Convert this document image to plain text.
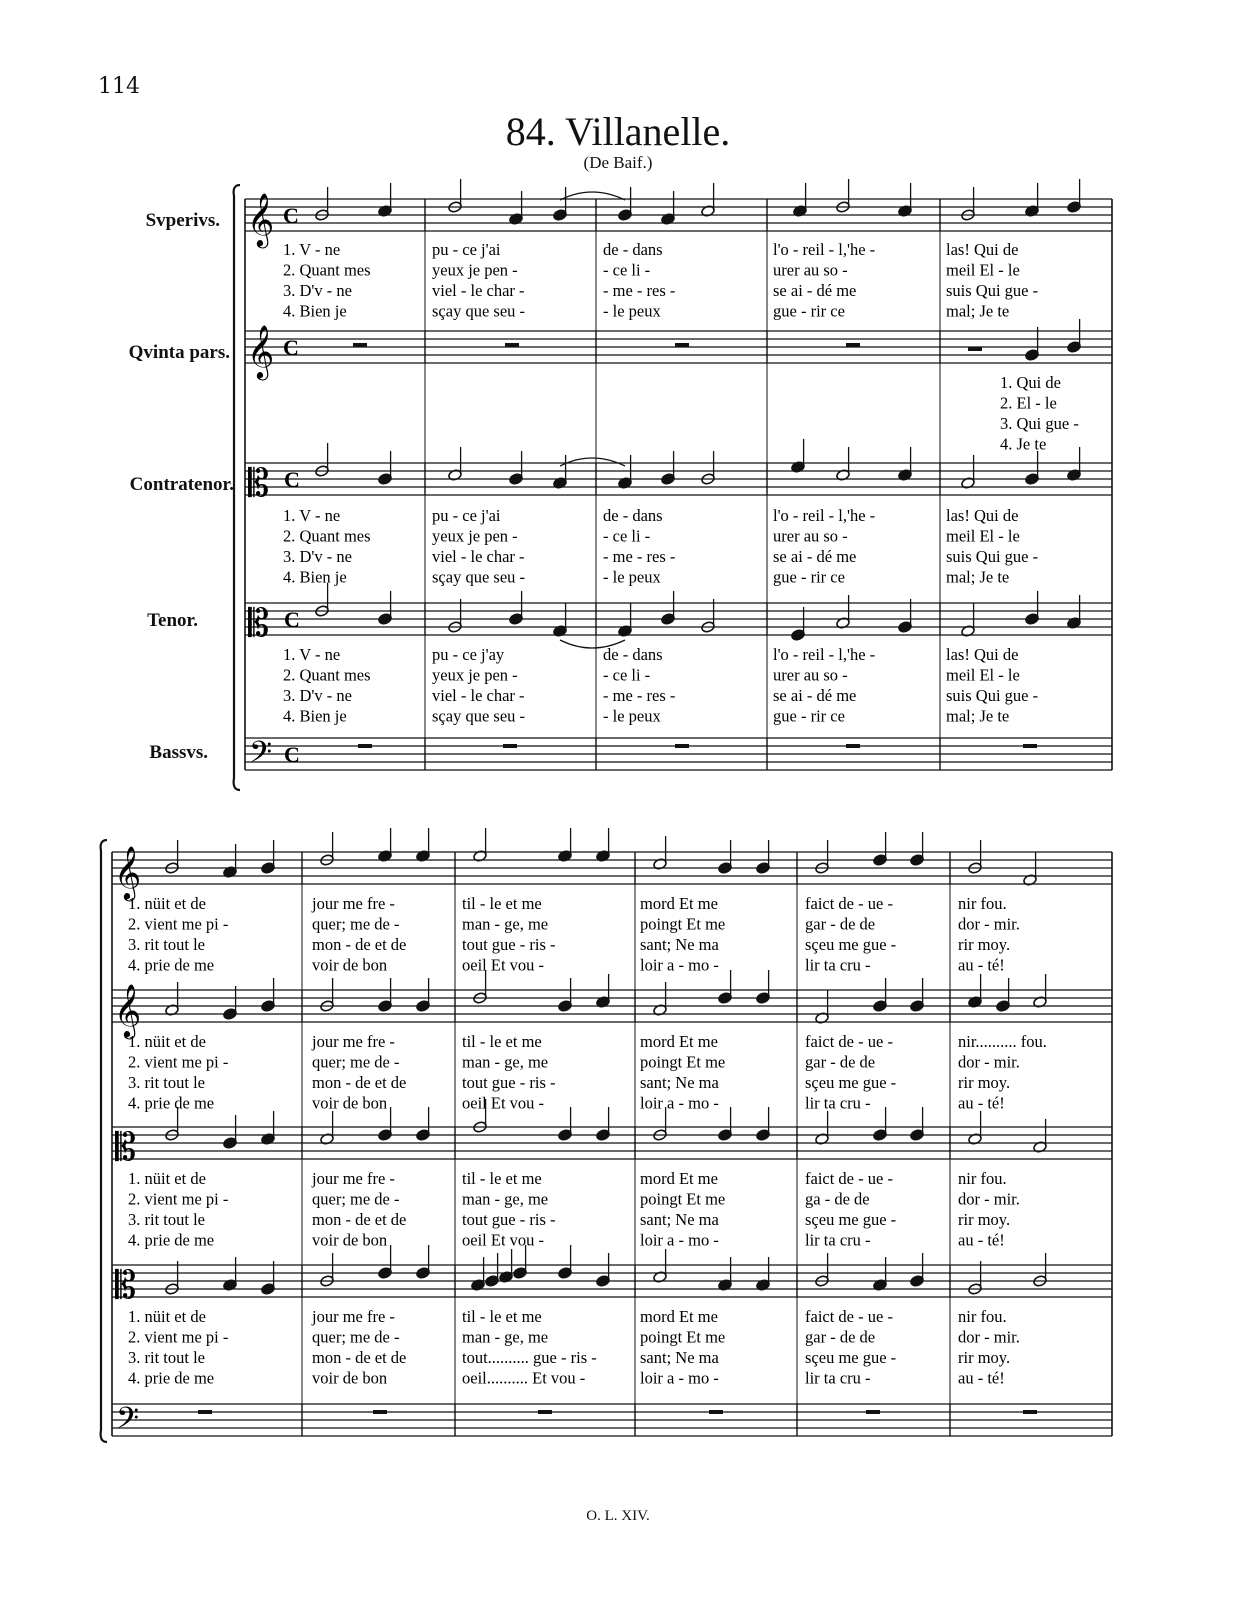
114
84. Villanelle.
(De Baif.)
Svperivs.
Qvinta pars.
Contratenor.
Tenor.
Bassvs.
𝄞 C
𝄞 C
𝄡 C
𝄡 C
𝄢 C
1. V - ne	pu - ce j'ai	de - dans	l'o - reil - l,'he -	las! Qui de
2. Quant mes	yeux je pen -	- ce li -	urer au so -	meil El - le
3. D'v - ne	viel - le char -	- me - res -	se ai - dé me	suis Qui gue -
4. Bien je	sçay que seu -	- le peux	gue - rir ce	mal; Je te
1. Qui de
2. El - le
3. Qui gue -
4. Je te
1. V - ne	pu - ce j'ai	de - dans	l'o - reil - l,'he -	las! Qui de
2. Quant mes	yeux je pen -	- ce li -	urer au so -	meil El - le
3. D'v - ne	viel - le char -	- me - res -	se ai - dé me	suis Qui gue -
4. Bien je	sçay que seu -	- le peux	gue - rir ce	mal; Je te
1. V - ne	pu - ce j'ay	de - dans	l'o - reil - l,'he -	las! Qui de
2. Quant mes	yeux je pen -	- ce li -	urer au so -	meil El - le
3. D'v - ne	viel - le char -	- me - res -	se ai - dé me	suis Qui gue -
4. Bien je	sçay que seu -	- le peux	gue - rir ce	mal; Je te
𝄞
𝄞
𝄡
𝄡
𝄢
1. nüit et de	jour me fre -	til - le et me	mord Et me	faict de - ue -	nir fou.
2. vient me pi -	quer; me de -	man - ge, me	poingt Et me	gar - de de	dor - mir.
3. rit tout le	mon - de et de	tout gue - ris -	sant; Ne ma	sçeu me gue -	rir moy.
4. prie de me	voir de bon	oeil Et vou -	loir a - mo -	lir ta cru -	au - té!
1. nüit et de	jour me fre -	til - le et me	mord Et me	faict de - ue -	nir.......... fou.
2. vient me pi -	quer; me de -	man - ge, me	poingt Et me	gar - de de	dor - mir.
3. rit tout le	mon - de et de	tout gue - ris -	sant; Ne ma	sçeu me gue -	rir moy.
4. prie de me	voir de bon	oeil Et vou -	loir a - mo -	lir ta cru -	au - té!
1. nüit et de	jour me fre -	til - le et me	mord Et me	faict de - ue -	nir fou.
2. vient me pi -	quer; me de -	man - ge, me	poingt Et me	ga - de de	dor - mir.
3. rit tout le	mon - de et de	tout gue - ris -	sant; Ne ma	sçeu me gue -	rir moy.
4. prie de me	voir de bon	oeil Et vou -	loir a - mo -	lir ta cru -	au - té!
1. nüit et de	jour me fre -	til - le et me	mord Et me	faict de - ue -	nir fou.
2. vient me pi -	quer; me de -	man - ge, me	poingt Et me	gar - de de	dor - mir.
3. rit tout le	mon - de et de	tout.......... gue - ris -	sant; Ne ma	sçeu me gue -	rir moy.
4. prie de me	voir de bon	oeil.......... Et vou -	loir a - mo -	lir ta cru -	au - té!
O. L. XIV.
